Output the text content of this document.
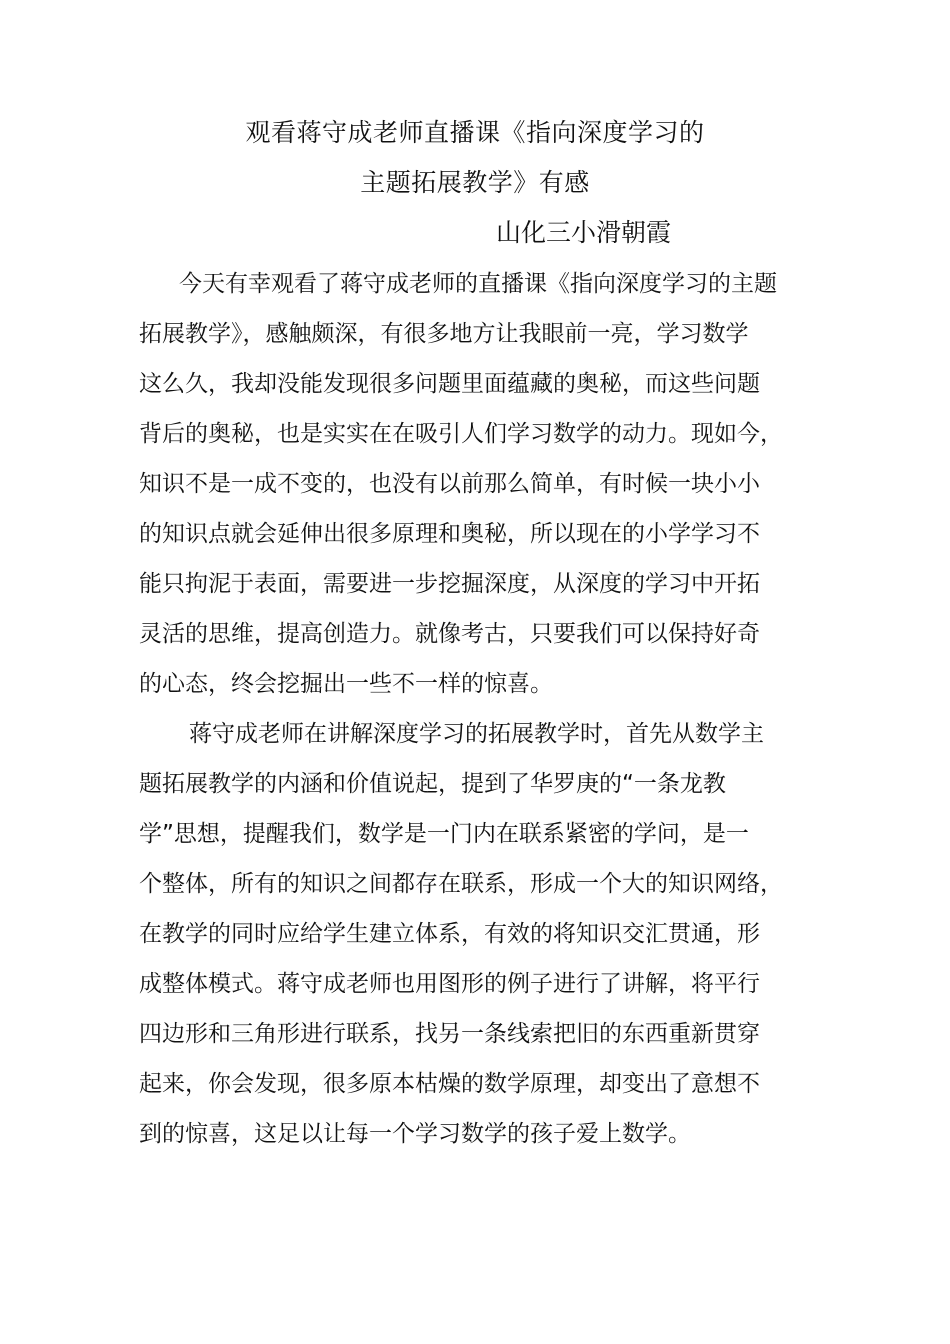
观看蒋守成老师直播课《指向深度学习的
主题拓展教学》有感
山化三小滑朝霞
今天有幸观看了蒋守成老师的直播课《指向深度学习的主题
拓展教学》，感触颇深，有很多地方让我眼前一亮，学习数学
这么久，我却没能发现很多问题里面蕴藏的奥秘，而这些问题
背后的奥秘，也是实实在在吸引人们学习数学的动力。现如今，
知识不是一成不变的，也没有以前那么简单，有时候一块小小
的知识点就会延伸出很多原理和奥秘，所以现在的小学学习不
能只拘泥于表面，需要进一步挖掘深度，从深度的学习中开拓
灵活的思维，提高创造力。就像考古，只要我们可以保持好奇
的心态，终会挖掘出一些不一样的惊喜。
蒋守成老师在讲解深度学习的拓展教学时，首先从数学主
题拓展教学的内涵和价值说起，提到了华罗庚的“一条龙教
学”思想，提醒我们，数学是一门内在联系紧密的学问，是一
个整体，所有的知识之间都存在联系，形成一个大的知识网络，
在教学的同时应给学生建立体系，有效的将知识交汇贯通，形
成整体模式。蒋守成老师也用图形的例子进行了讲解，将平行
四边形和三角形进行联系，找另一条线索把旧的东西重新贯穿
起来，你会发现，很多原本枯燥的数学原理，却变出了意想不
到的惊喜，这足以让每一个学习数学的孩子爱上数学。
